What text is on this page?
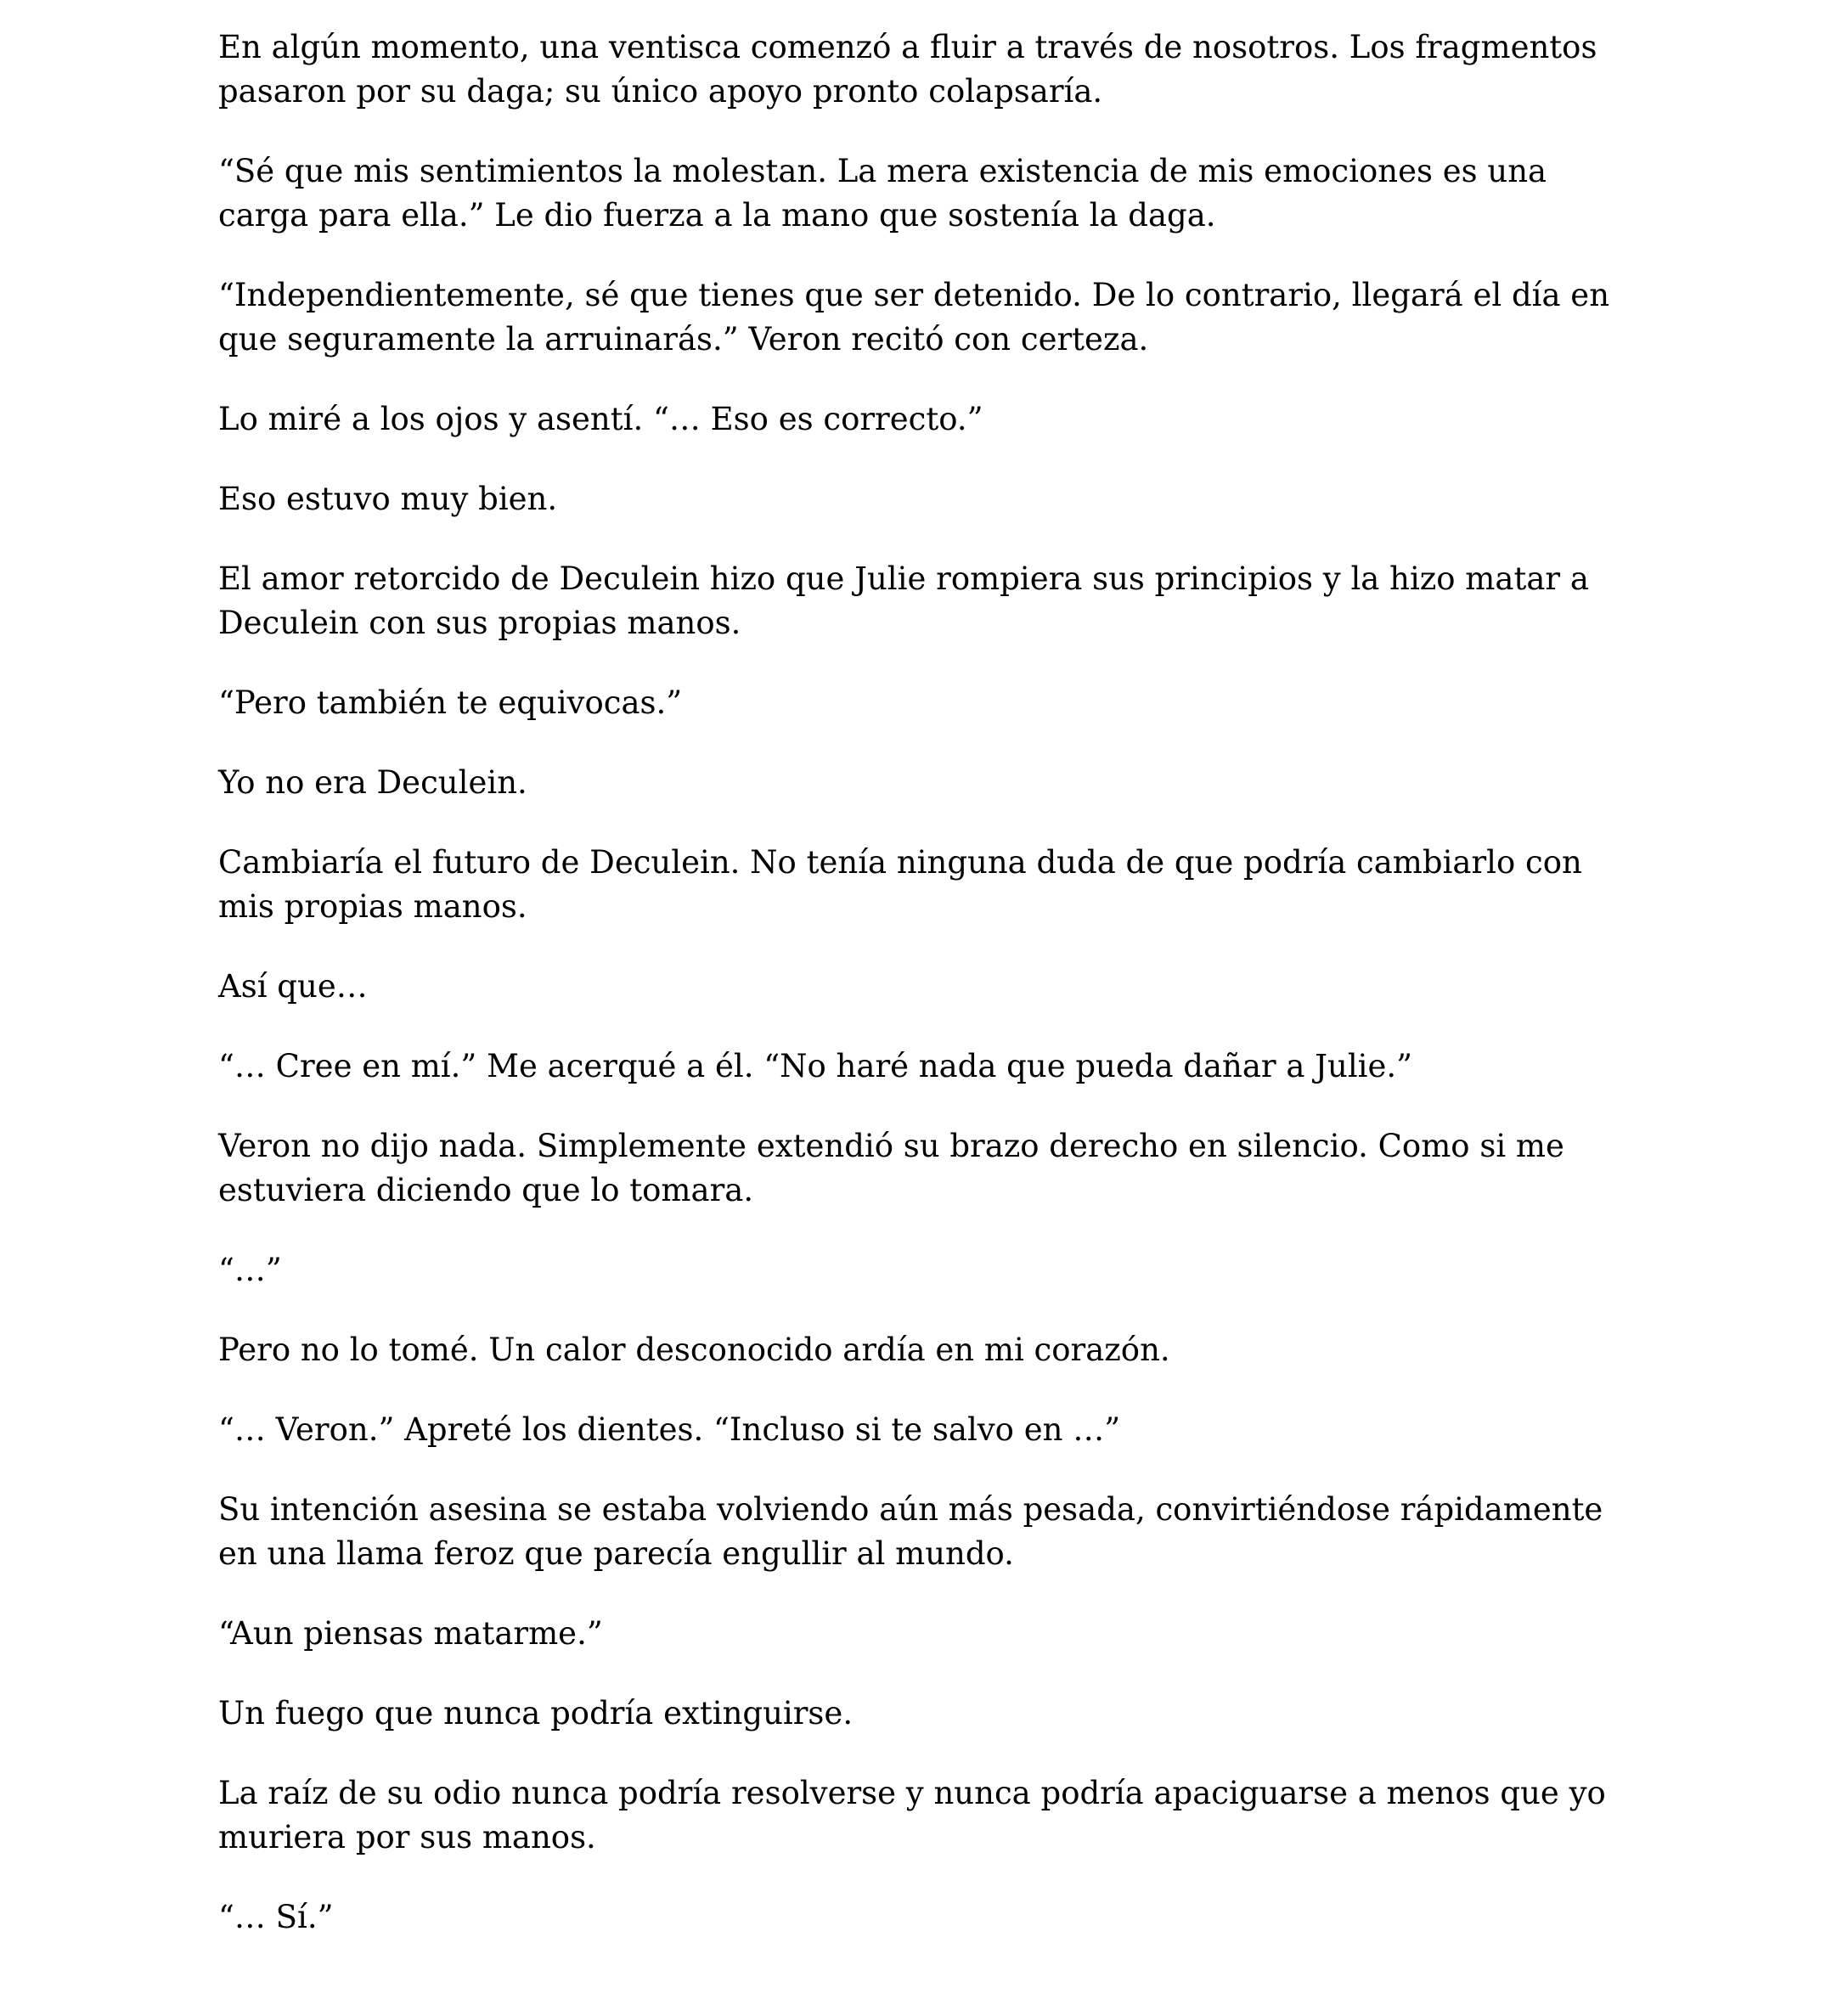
En algún momento, una ventisca comenzó a fluir a través de nosotros. Los fragmentos pasaron por su daga; su único apoyo pronto colapsaría.

“Sé que mis sentimientos la molestan. La mera existencia de mis emociones es una carga para ella.” Le dio fuerza a la mano que sostenía la daga.

“Independientemente, sé que tienes que ser detenido. De lo contrario, llegará el día en que seguramente la arruinarás.” Veron recitó con certeza.

Lo miré a los ojos y asentí. “… Eso es correcto.”

Eso estuvo muy bien.

El amor retorcido de Deculein hizo que Julie rompiera sus principios y la hizo matar a Deculein con sus propias manos.

“Pero también te equivocas.”

Yo no era Deculein.

Cambiaría el futuro de Deculein. No tenía ninguna duda de que podría cambiarlo con mis propias manos.

Así que…

“… Cree en mí.” Me acerqué a él. “No haré nada que pueda dañar a Julie.”

Veron no dijo nada. Simplemente extendió su brazo derecho en silencio. Como si me estuviera diciendo que lo tomara.

“…”

Pero no lo tomé. Un calor desconocido ardía en mi corazón.

“… Veron.” Apreté los dientes. “Incluso si te salvo en …”

Su intención asesina se estaba volviendo aún más pesada, convirtiéndose rápidamente en una llama feroz que parecía engullir al mundo.

“Aun piensas matarme.”

Un fuego que nunca podría extinguirse.

La raíz de su odio nunca podría resolverse y nunca podría apaciguarse a menos que yo muriera por sus manos.

“… Sí.”
